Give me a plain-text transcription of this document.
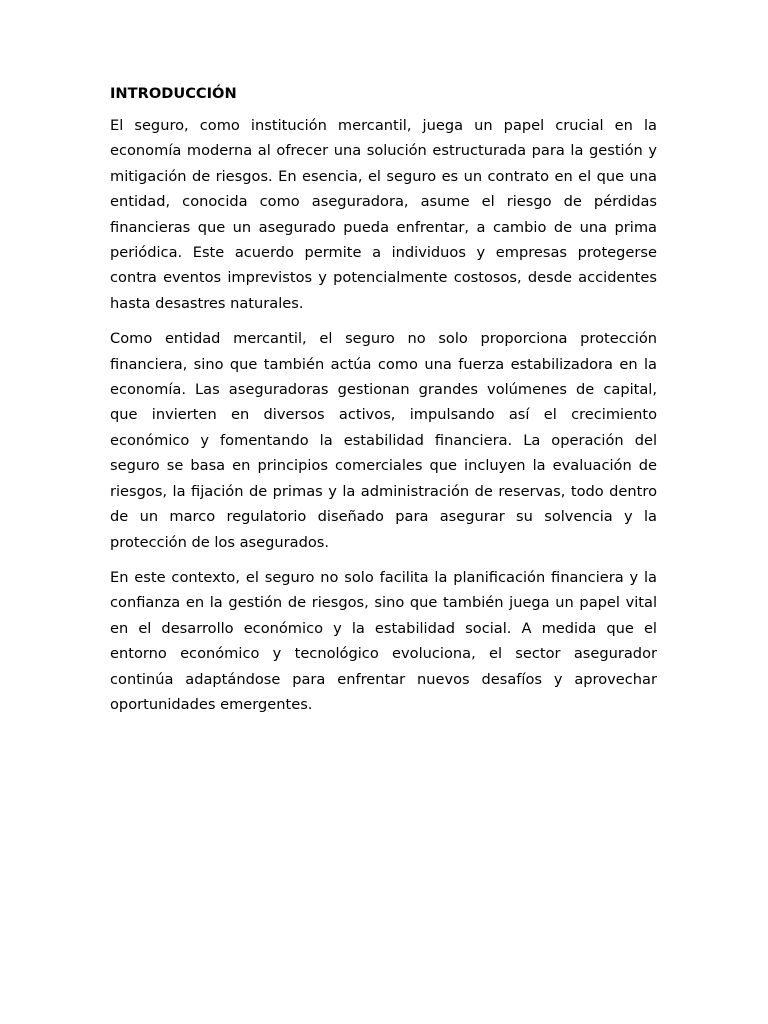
INTRODUCCIÓN

El seguro, como institución mercantil, juega un papel crucial en la economía moderna al ofrecer una solución estructurada para la gestión y mitigación de riesgos. En esencia, el seguro es un contrato en el que una entidad, conocida como aseguradora, asume el riesgo de pérdidas financieras que un asegurado pueda enfrentar, a cambio de una prima periódica. Este acuerdo permite a individuos y empresas protegerse contra eventos imprevistos y potencialmente costosos, desde accidentes hasta desastres naturales.

Como entidad mercantil, el seguro no solo proporciona protección financiera, sino que también actúa como una fuerza estabilizadora en la economía. Las aseguradoras gestionan grandes volúmenes de capital, que invierten en diversos activos, impulsando así el crecimiento económico y fomentando la estabilidad financiera. La operación del seguro se basa en principios comerciales que incluyen la evaluación de riesgos, la fijación de primas y la administración de reservas, todo dentro de un marco regulatorio diseñado para asegurar su solvencia y la protección de los asegurados.

En este contexto, el seguro no solo facilita la planificación financiera y la confianza en la gestión de riesgos, sino que también juega un papel vital en el desarrollo económico y la estabilidad social. A medida que el entorno económico y tecnológico evoluciona, el sector asegurador continúa adaptándose para enfrentar nuevos desafíos y aprovechar oportunidades emergentes.
